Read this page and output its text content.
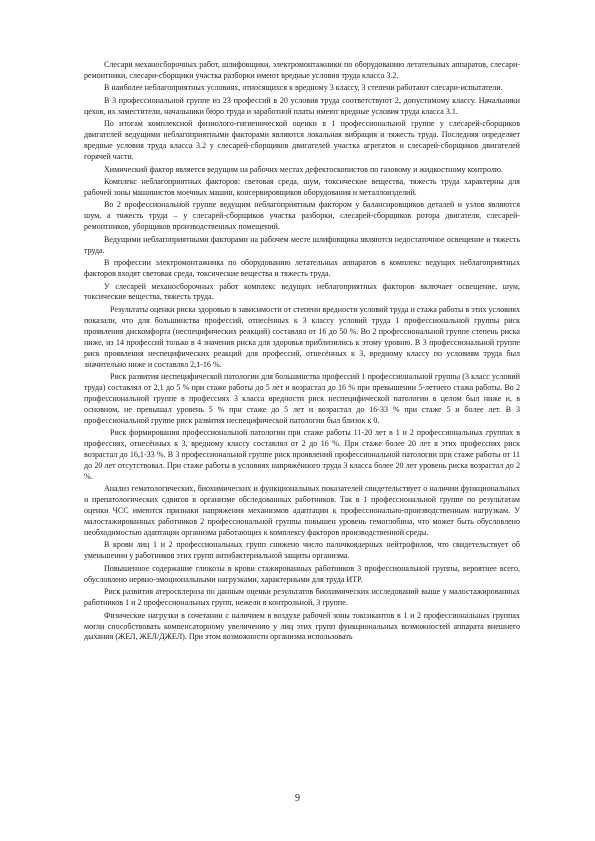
Слесари механосборочных работ, шлифовщики, электромонтажники по оборудованию летательных аппаратов, слесари-ремонтники, слесари-сборщики участка разборки имеют вредные условия труда класса 3.2.

В наиболее неблагоприятных условиях, относящихся к вредному 3 классу, 3 степени работают слесари-испытатели.

В 3 профессиональной группе из 23 профессий в 20 условия труда соответствуют 2, допустимому классу. Начальники цехов, их заместители, начальники бюро труда и заработной платы имеют вредные условия труда класса 3.1.

По итогам комплексной физиолого-гигиенической оценки в 1 профессиональной группе у слесарей-сборщиков двигателей ведущими неблагоприятными факторами являются локальная вибрация и тяжесть труда. Последняя определяет вредные условия труда класса 3.2 у слесарей-сборщиков двигателей участка агрегатов и слесарей-сборщиков двигателей горячей части.

Химический фактор является ведущим на рабочих местах дефектоскопистов по газовому и жидкостному контролю.

Комплекс неблагоприятных факторов: световая среда, шум, токсические вещества, тяжесть труда характерны для рабочей зоны машинистов моечных машин, консервировщиков оборудования и металлоизделий.

Во 2 профессиональной группе ведущим неблагоприятным фактором у балансировщиков деталей и узлов являются шум, а тяжесть труда – у слесарей-сборщиков участка разборки, слесарей-сборщиков ротора двигателя, слесарей-ремонтников, уборщиков производственных помещений.

Ведущими неблагоприятными факторами на рабочем месте шлифовщика являются недостаточное освещение и тяжесть труда.

В профессии электромонтажника по оборудованию летательных аппаратов в комплекс ведущих неблагоприятных факторов входят световая среда, токсические вещества и тяжесть труда.

У слесарей механосборочных работ комплекс ведущих неблагоприятных факторов включает освещение, шум, токсические вещества, тяжесть труда.

Результаты оценки риска здоровью в зависимости от степени вредности условий труда и стажа работы в этих условиях показали, что для большинства профессий, отнесённых к 3 классу условий труда 1 профессиональной группы риск проявления дискомфорта (неспецифических реакций) составлял от 16 до 50 %. Во 2 профессиональной группе степень риска ниже, из 14 профессий только в 4 значения риска для здоровья приблизились к этому уровню. В 3 профессиональной группе риск проявления неспецифических реакций для профессий, отнесённых к 3, вредному классу по условиям труда был значительно ниже и составлял 2,1-16 %.

Риск развития неспецифической патологии для большинства профессий 1 профессиональной группы (3 класс условий труда) составлял от 2,1 до 5 % при стаже работы до 5 лет и возрастал до 16 % при превышении 5-летнего стажа работы. Во 2 профессиональной группе в профессиях 3 класса вредности риск неспецифической патологии в целом был ниже и, в основном, не превышал уровень 5 % при стаже до 5 лет и возрастал до 16-33 % при стаже 5 и более лет. В 3 профессиональной группе риск развития неспецифической патологии был близок к 0.

Риск формирования профессиональной патологии при стаже работы 11-20 лет в 1 и 2 профессиональных группах в профессиях, отнесённых к 3, вредному классу составлял от 2 до 16 %. При стаже более 20 лет в этих профессиях риск возрастал до 16,1-33 %. В 3 профессиональной группе риск проявлений профессиональной патологии при стаже работы от 11 до 20 лет отсутствовал. При стаже работы в условиях напряжённого труда 3 класса более 20 лет уровень риска возрастал до 2 %.

Анализ гематологических, биохимических и функциональных показателей свидетельствует о наличии функциональных и препатологических сдвигов в организме обследованных работников. Так в 1 профессиональной группе по результатам оценки ЧСС имеются признаки напряжения механизмов адаптации к профессионально-производственным нагрузкам. У малостажированных работников 2 профессиональной группы повышен уровень гемоглобина, что может быть обусловлено необходимостью адаптации организма работающих к комплексу факторов производственной среды.

В крови лиц 1 и 2 профессиональных групп снижено число палочкоядерных нейтрофилов, что свидетельствует об уменьшении у работников этих групп антибактериальной защиты организма.

Повышенное содержание глюкозы в крови стажированных работников 3 профессиональной группы, вероятнее всего, обусловлено нервно-эмоциональными нагрузками, характерными для труда ИТР.

Риск развития атеросклероза по данным оценки результатов биохимических исследований выше у малостажированных работников 1 и 2 профессиональных групп, нежели в контрольной, 3 группе.

Физические нагрузки в сочетании с наличием в воздухе рабочей зоны токсикантов в 1 и 2 профессиональных группах могли способствовать компенсаторному увеличению у лиц этих групп функциональных возможностей аппарата внешнего дыхания (ЖЕЛ, ЖЕЛ/ДЖЕЛ). При этом возможности организма использовать

9
